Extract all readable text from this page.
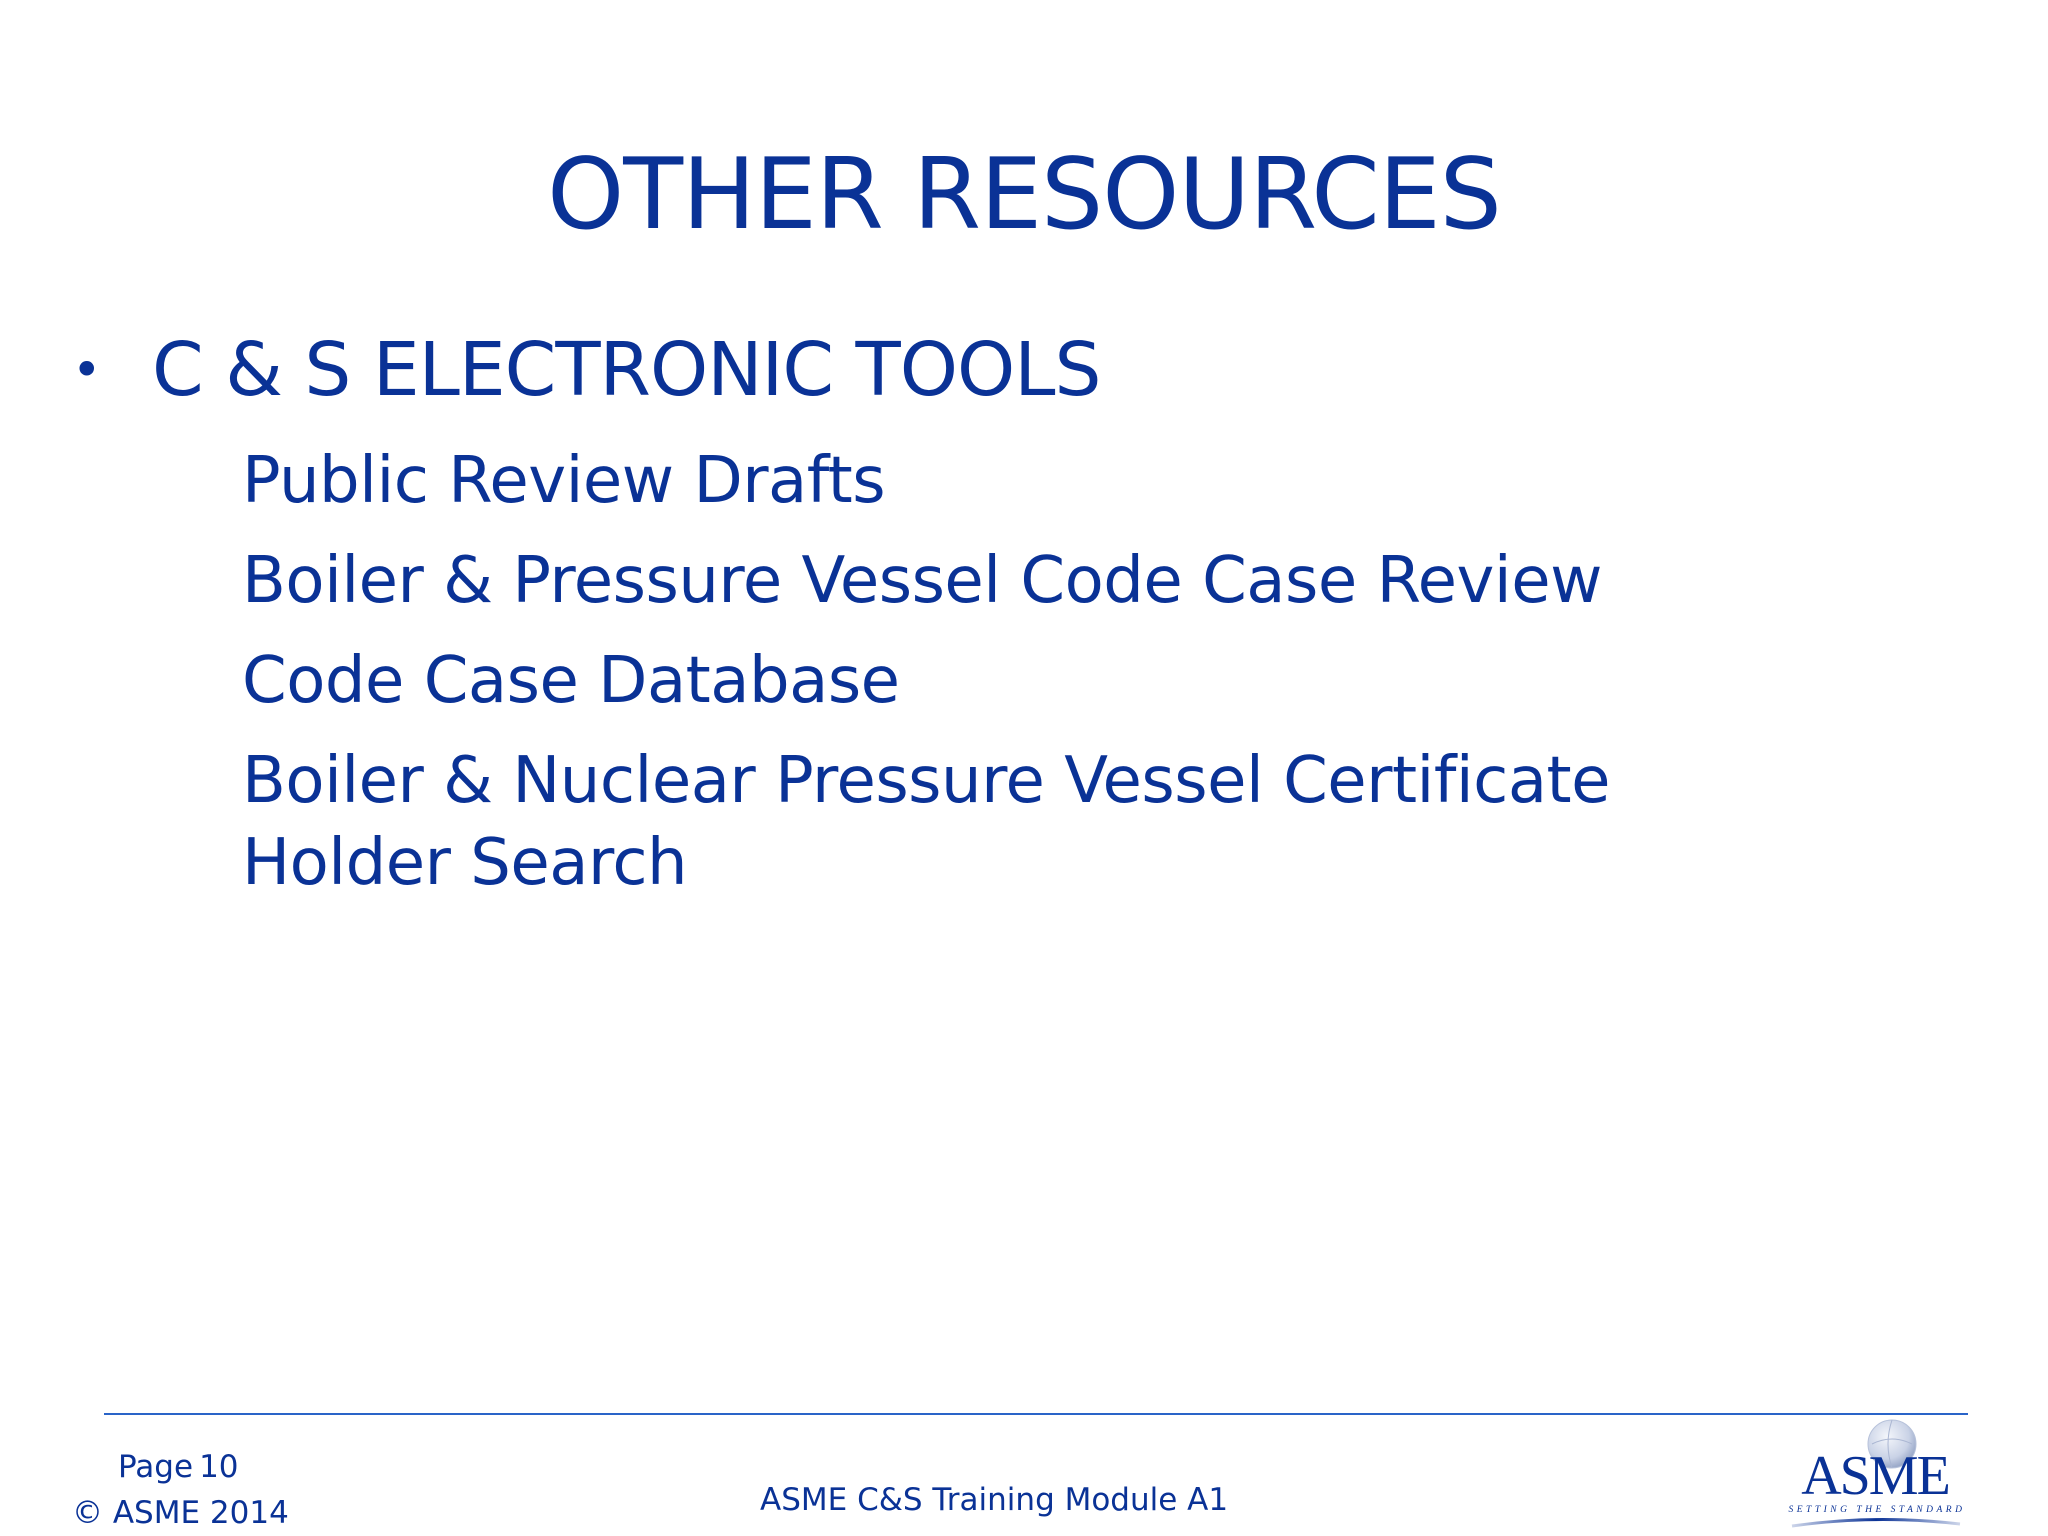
OTHER RESOURCES
• C & S ELECTRONIC TOOLS
Public Review Drafts
Boiler & Pressure Vessel Code Case Review
Code Case Database
Boiler & Nuclear Pressure Vessel Certificate Holder Search
Page 10
© ASME 2014	ASME C&S Training Module A1	ASME
SETTING THE STANDARD
